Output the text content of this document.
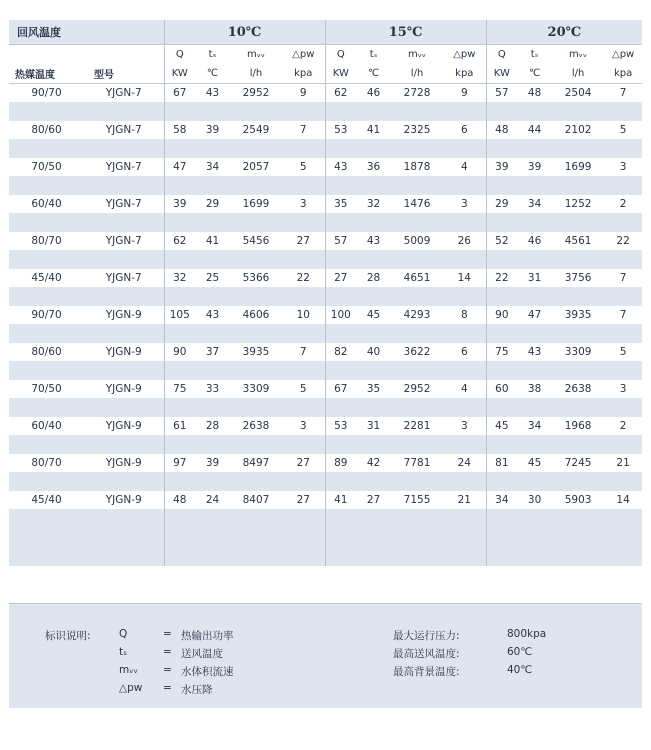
回风温度		10℃				15℃				20℃			
		Q	tₛ	mᵥᵥ	△pw	Q	tₛ	mᵥᵥ	△pw	Q	tₛ	mᵥᵥ	△pw
热媒温度	型号	KW	℃	l/h	kpa	KW	℃	l/h	kpa	KW	℃	l/h	kpa
90/70	YJGN-7	67	43	2952	9	62	46	2728	9	57	48	2504	7

80/60	YJGN-7	58	39	2549	7	53	41	2325	6	48	44	2102	5

70/50	YJGN-7	47	34	2057	5	43	36	1878	4	39	39	1699	3

60/40	YJGN-7	39	29	1699	3	35	32	1476	3	29	34	1252	2

80/70	YJGN-7	62	41	5456	27	57	43	5009	26	52	46	4561	22

45/40	YJGN-7	32	25	5366	22	27	28	4651	14	22	31	3756	7

90/70	YJGN-9	105	43	4606	10	100	45	4293	8	90	47	3935	7

80/60	YJGN-9	90	37	3935	7	82	40	3622	6	75	43	3309	5

70/50	YJGN-9	75	33	3309	5	67	35	2952	4	60	38	2638	3

60/40	YJGN-9	61	28	2638	3	53	31	2281	3	45	34	1968	2

80/70	YJGN-9	97	39	8497	27	89	42	7781	24	81	45	7245	21

45/40	YJGN-9	48	24	8407	27	41	27	7155	21	34	30	5903	14

标识说明:	Q	= 热输出功率
tₛ	= 送风温度
mᵥᵥ = 水体积流速
△pw = 水压降
最大运行压力:	800kpa
最高送风温度:	60℃
最高背景温度:	40℃
